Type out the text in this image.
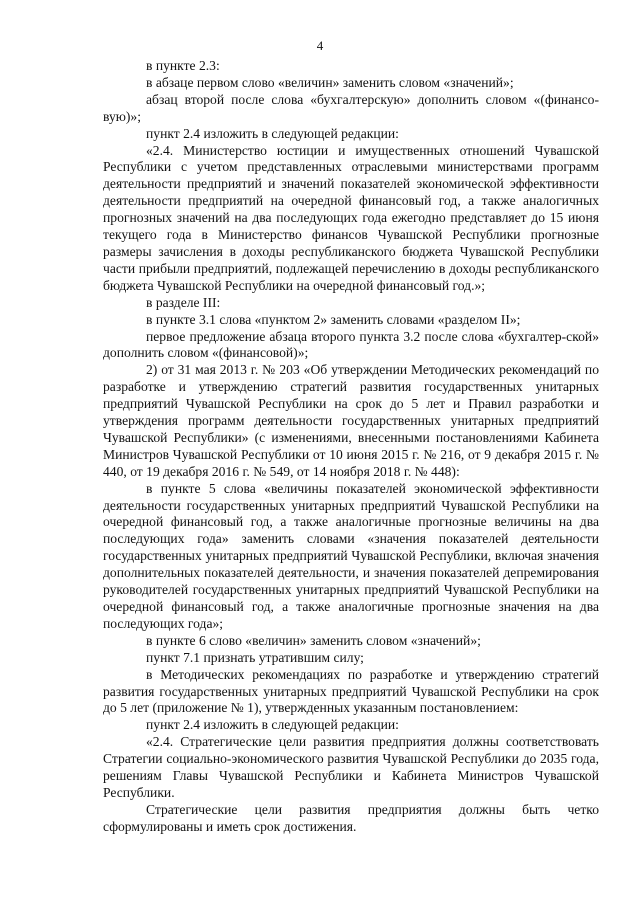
4

в пункте 2.3:

в абзаце первом слово «величин» заменить словом «значений»;

абзац второй после слова «бухгалтерскую» дополнить словом «(финансо-вую)»;

пункт 2.4 изложить в следующей редакции:

«2.4. Министерство юстиции и имущественных отношений Чувашской Республики с учетом представленных отраслевыми министерствами программ деятельности предприятий и значений показателей экономической эффективности деятельности предприятий на очередной финансовый год, а также аналогичных прогнозных значений на два последующих года ежегодно представляет до 15 июня текущего года в Министерство финансов Чувашской Республики прогнозные размеры зачисления в доходы республиканского бюджета Чувашской Республики части прибыли предприятий, подлежащей перечислению в доходы республиканского бюджета Чувашской Республики на очередной финансовый год.»;

в разделе III:

в пункте 3.1 слова «пунктом 2» заменить словами «разделом II»;

первое предложение абзаца второго пункта 3.2 после слова «бухгалтер-ской» дополнить словом «(финансовой)»;

2) от 31 мая 2013 г. № 203 «Об утверждении Методических рекомендаций по разработке и утверждению стратегий развития государственных унитарных предприятий Чувашской Республики на срок до 5 лет и Правил разработки и утверждения программ деятельности государственных унитарных предприятий Чувашской Республики» (с изменениями, внесенными постановлениями Кабинета Министров Чувашской Республики от 10 июня 2015 г. № 216, от 9 декабря 2015 г. № 440, от 19 декабря 2016 г. № 549, от 14 ноября 2018 г. № 448):

в пункте 5 слова «величины показателей экономической эффективности деятельности государственных унитарных предприятий Чувашской Республики на очередной финансовый год, а также аналогичные прогнозные величины на два последующих года» заменить словами «значения показателей деятельности государственных унитарных предприятий Чувашской Республики, включая значения дополнительных показателей деятельности, и значения показателей депремирования руководителей государственных унитарных предприятий Чувашской Республики на очередной финансовый год, а также аналогичные прогнозные значения на два последующих года»;

в пункте 6 слово «величин» заменить словом «значений»;

пункт 7.1 признать утратившим силу;

в Методических рекомендациях по разработке и утверждению стратегий развития государственных унитарных предприятий Чувашской Республики на срок до 5 лет (приложение № 1), утвержденных указанным постановлением:

пункт 2.4 изложить в следующей редакции:

«2.4. Стратегические цели развития предприятия должны соответствовать Стратегии социально-экономического развития Чувашской Республики до 2035 года, решениям Главы Чувашской Республики и Кабинета Министров Чувашской Республики.

Стратегические цели развития предприятия должны быть четко сформулированы и иметь срок достижения.
